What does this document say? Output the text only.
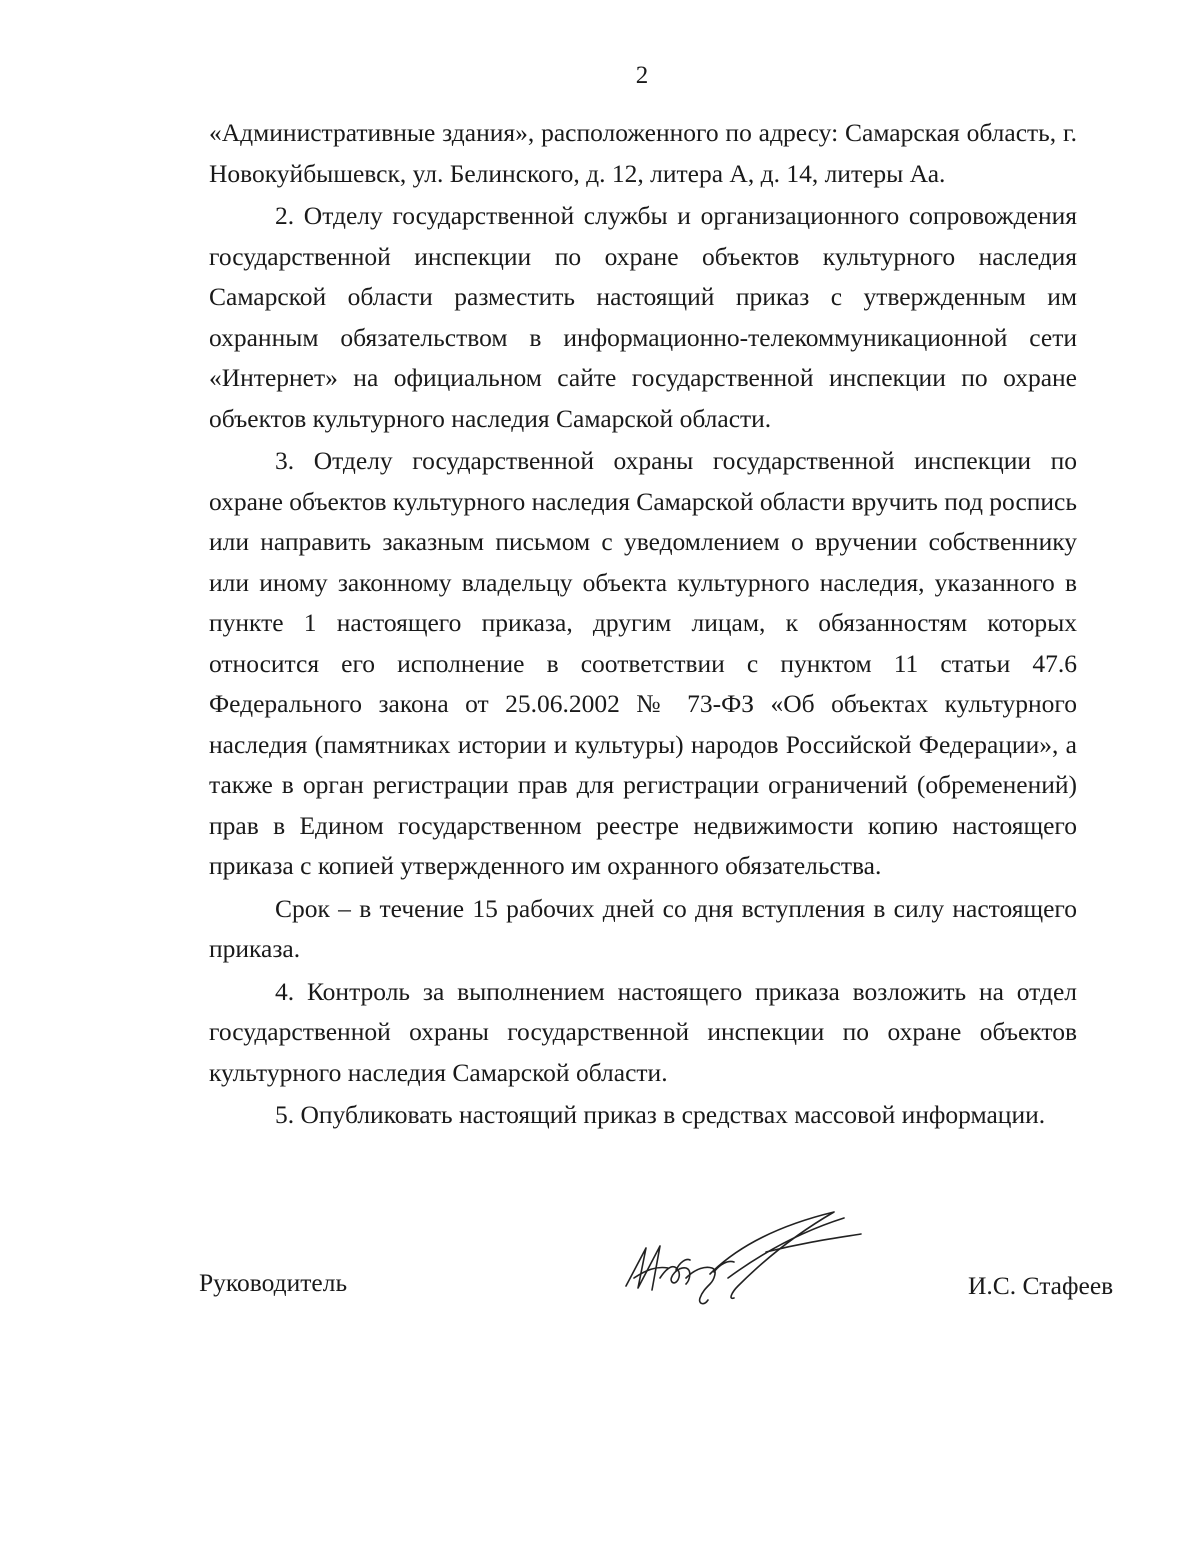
2

«Административные здания», расположенного по адресу: Самарская область, г. Новокуйбышевск, ул. Белинского, д. 12, литера А, д. 14, литеры Аа.

2. Отделу государственной службы и организационного сопровождения государственной инспекции по охране объектов культурного наследия Самарской области разместить настоящий приказ с утвержденным им охранным обязательством в информационно-телекоммуникационной сети «Интернет» на официальном сайте государственной инспекции по охране объектов культурного наследия Самарской области.

3. Отделу государственной охраны государственной инспекции по охране объектов культурного наследия Самарской области вручить под роспись или направить заказным письмом с уведомлением о вручении собственнику или иному законному владельцу объекта культурного наследия, указанного в пункте 1 настоящего приказа, другим лицам, к обязанностям которых относится его исполнение в соответствии с пунктом 11 статьи 47.6 Федерального закона от 25.06.2002 № 73-ФЗ «Об объектах культурного наследия (памятниках истории и культуры) народов Российской Федерации», а также в орган регистрации прав для регистрации ограничений (обременений) прав в Едином государственном реестре недвижимости копию настоящего приказа с копией утвержденного им охранного обязательства.

Срок – в течение 15 рабочих дней со дня вступления в силу настоящего приказа.

4. Контроль за выполнением настоящего приказа возложить на отдел государственной охраны государственной инспекции по охране объектов культурного наследия Самарской области.

5. Опубликовать настоящий приказ в средствах массовой информации.

Руководитель	И.С. Стафеев
